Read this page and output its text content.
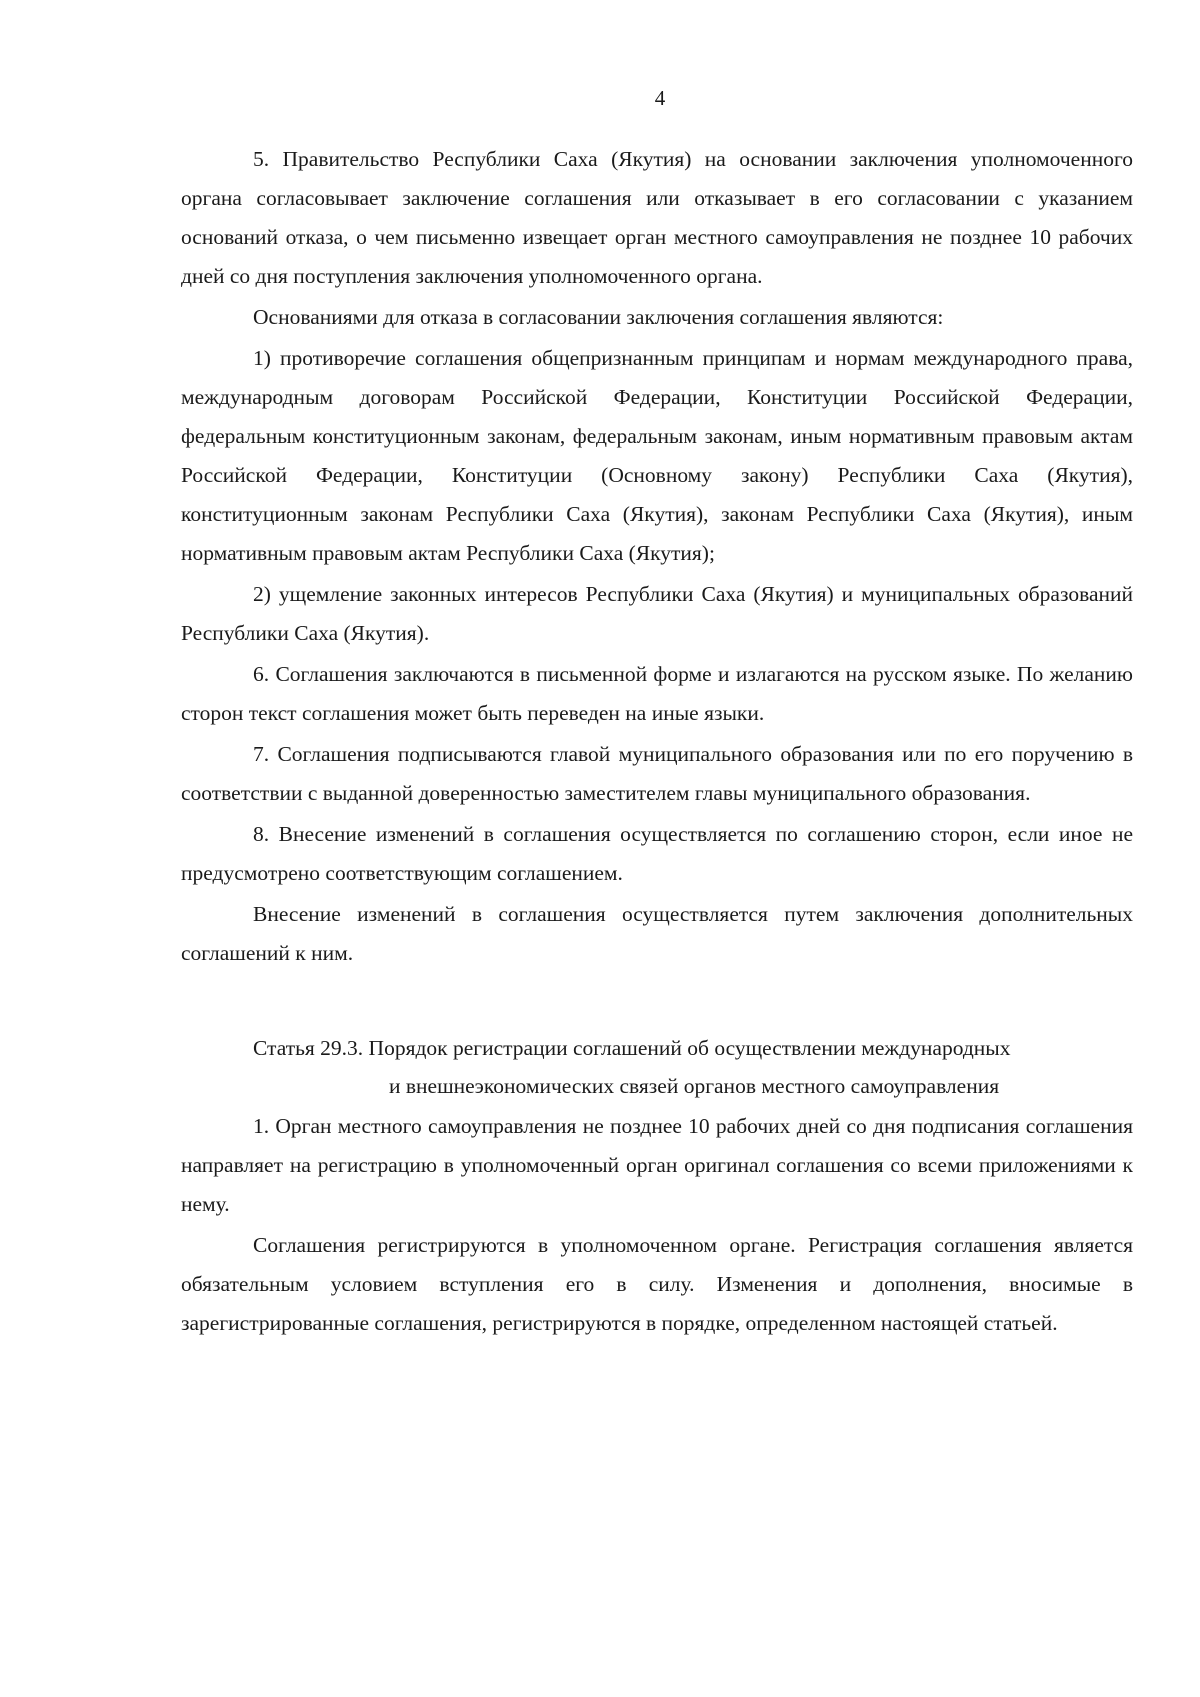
4

5. Правительство Республики Саха (Якутия) на основании заключения уполномоченного органа согласовывает заключение соглашения или отказывает в его согласовании с указанием оснований отказа, о чем письменно извещает орган местного самоуправления не позднее 10 рабочих дней со дня поступления заключения уполномоченного органа.

Основаниями для отказа в согласовании заключения соглашения являются:

1) противоречие соглашения общепризнанным принципам и нормам международного права, международным договорам Российской Федерации, Конституции Российской Федерации, федеральным конституционным законам, федеральным законам, иным нормативным правовым актам Российской Федерации, Конституции (Основному закону) Республики Саха (Якутия), конституционным законам Республики Саха (Якутия), законам Республики Саха (Якутия), иным нормативным правовым актам Республики Саха (Якутия);

2) ущемление законных интересов Республики Саха (Якутия) и муниципальных образований Республики Саха (Якутия).

6. Соглашения заключаются в письменной форме и излагаются на русском языке. По желанию сторон текст соглашения может быть переведен на иные языки.

7. Соглашения подписываются главой муниципального образования или по его поручению в соответствии с выданной доверенностью заместителем главы муниципального образования.

8. Внесение изменений в соглашения осуществляется по соглашению сторон, если иное не предусмотрено соответствующим соглашением.

Внесение изменений в соглашения осуществляется путем заключения дополнительных соглашений к ним.

Статья 29.3. Порядок регистрации соглашений об осуществлении международных
и внешнеэкономических связей органов местного самоуправления

1. Орган местного самоуправления не позднее 10 рабочих дней со дня подписания соглашения направляет на регистрацию в уполномоченный орган оригинал соглашения со всеми приложениями к нему.

Соглашения регистрируются в уполномоченном органе. Регистрация соглашения является обязательным условием вступления его в силу. Изменения и дополнения, вносимые в зарегистрированные соглашения, регистрируются в порядке, определенном настоящей статьей.
